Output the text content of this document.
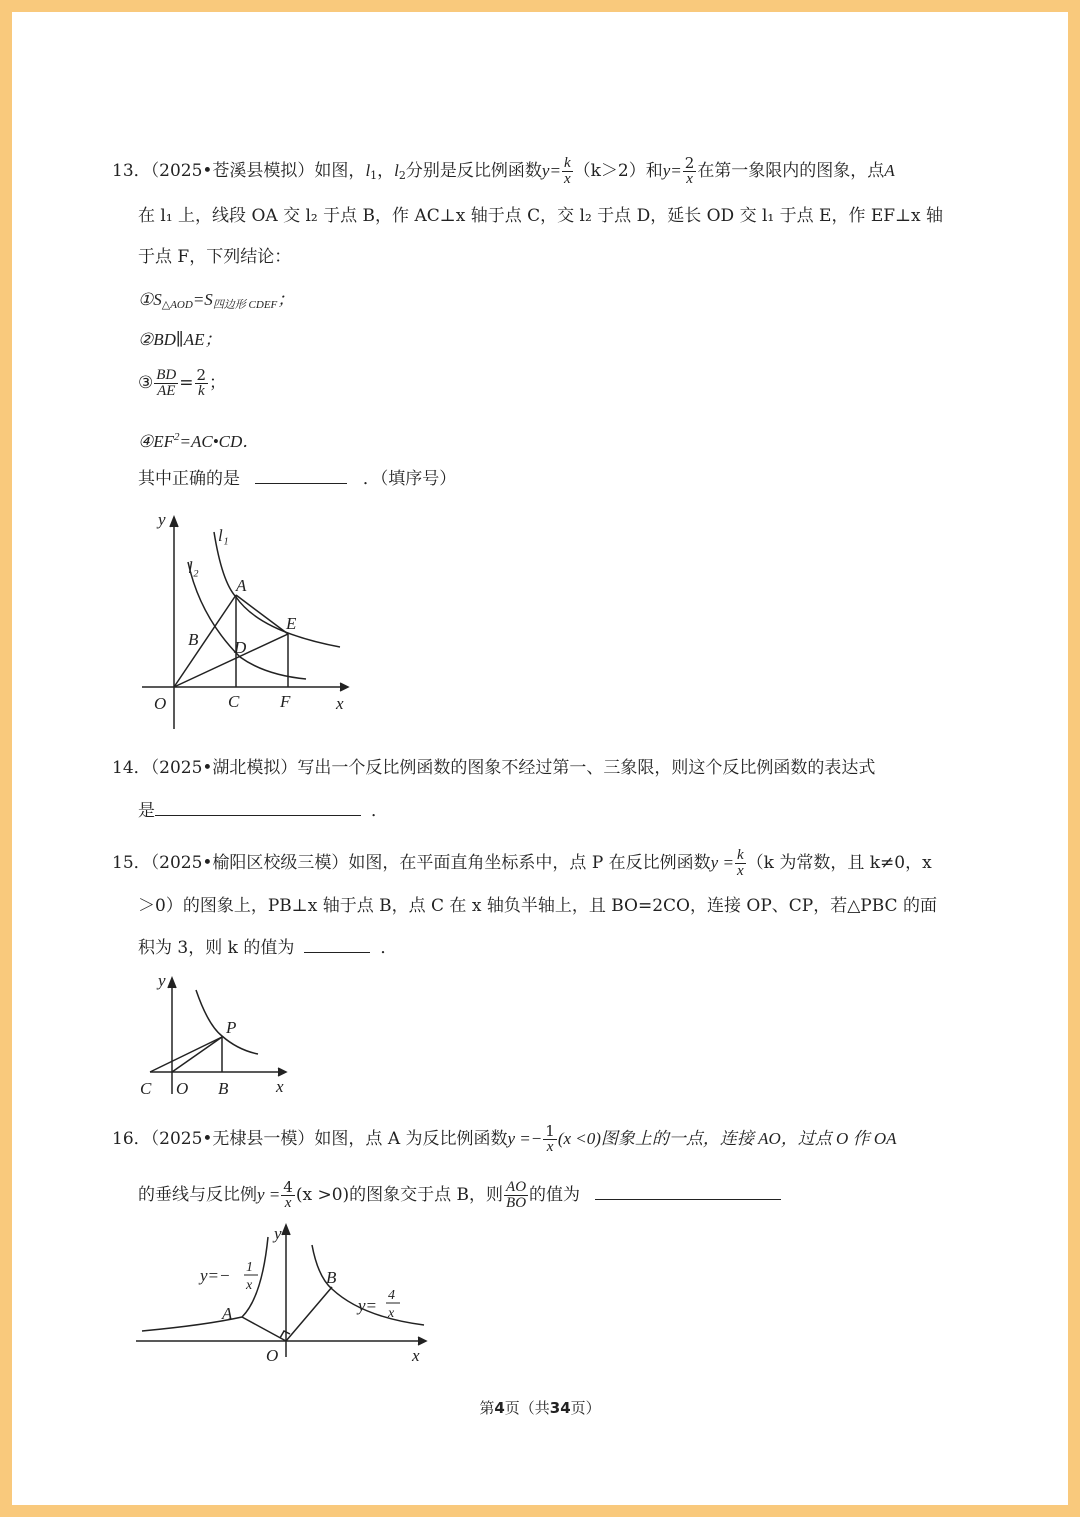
13．（2025•苍溪县模拟）如图，$l_1$，$l_2$分别是反比例函数$y= \frac{k}{x} (k>2)$和$y= \frac{2}{x}$ 在第一象限内的图象，点A
在 l₁ 上，线段 OA 交 l₂ 于点 B，作 AC⊥x 轴于点 C，交 l₂ 于点 D，延长 OD 交 l₁ 于点 E，作 EF⊥x 轴
于点 F，下列结论：
$①S_{\triangle AOD}=S_{四边形 CDEF}$；
②BD∥AE；
③ $\frac{BD}{AE} = \frac{2}{k}$ ；
$④EF^2=AC•CD$．
其中正确的是	．（填序号）
y
x
O	C F
A
B D
E
l₁
l₂
14．（2025•湖北模拟）写出一个反比例函数的图象不经过第一、三象限，则这个反比例函数的表达式
是	．
15．（2025•榆阳区校级三模）如图，在平面直角坐标系中，点 P 在反比例函数$y = \frac{k}{x} (k$ 为常数，且 k≠0，x
＞0）的图象上，PB⊥x 轴于点 B，点 C 在 x 轴负半轴上，且 BO=2CO，连接 OP、CP，若△PBC 的面
积为 3，则 k 的值为	．
y
x
C O B
P
16．（2025•无棣县一模）如图，点 A 为反比例函数$y =- \frac{1}{x} (x <0)$图象上的一点，连接 AO，过点 O 作 OA
的垂线与反比例$y = \frac{4}{x} (x >0)$的图象交于点 B，则 $\frac{AO}{BO}$ 的值为
y
x
O
A
B
y=− 1
x
y=
4
x
第4页（共34页）
